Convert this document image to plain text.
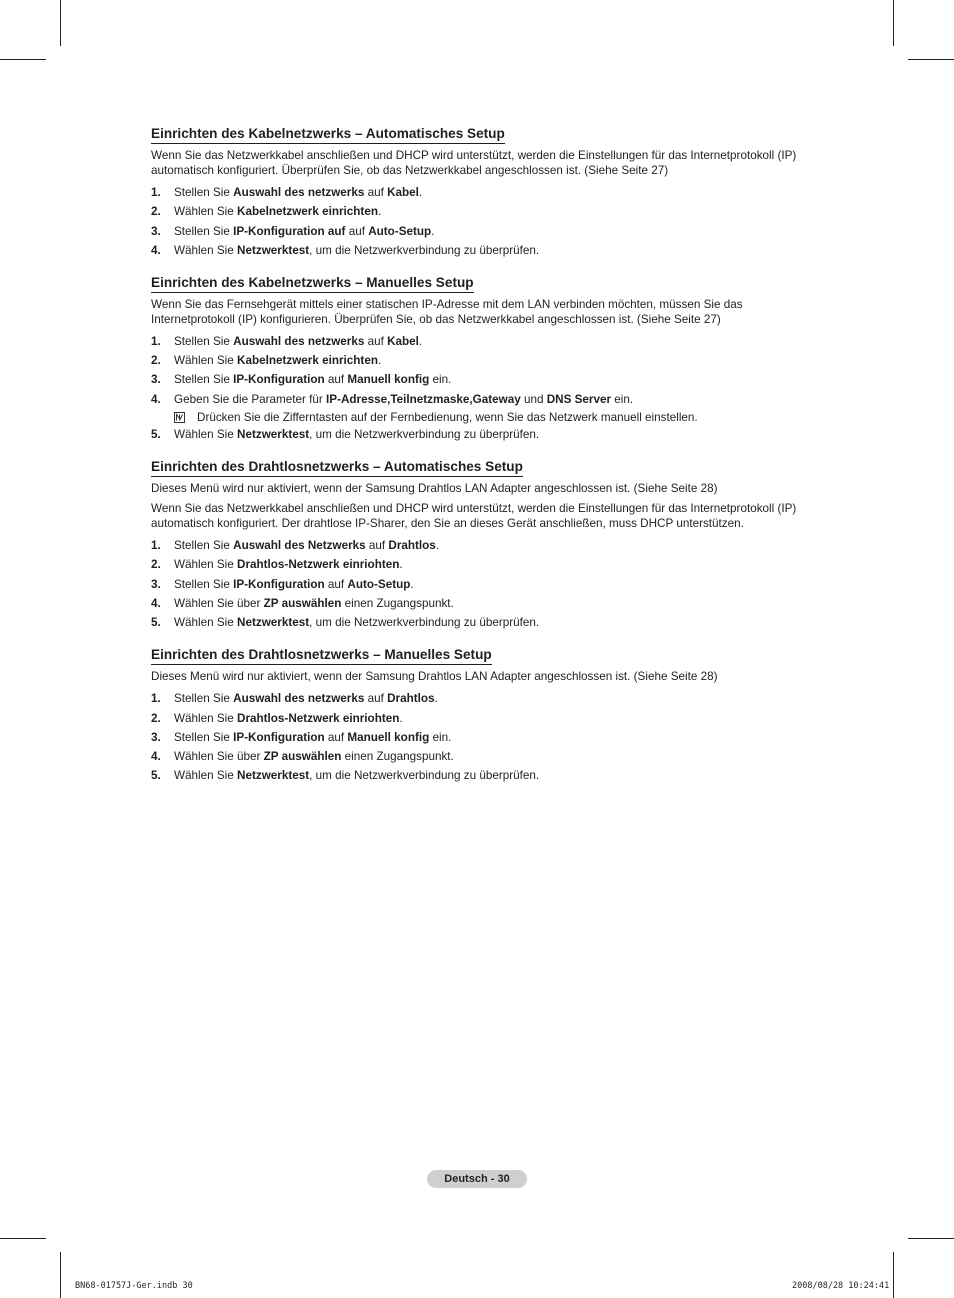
Einrichten des Kabelnetzwerks – Automatisches Setup

Wenn Sie das Netzwerkkabel anschließen und DHCP wird unterstützt, werden die Einstellungen für das Internetprotokoll (IP) automatisch konfiguriert. Überprüfen Sie, ob das Netzwerkkabel angeschlossen ist. (Siehe Seite 27)

1. Stellen Sie Auswahl des netzwerks auf Kabel.
2. Wählen Sie Kabelnetzwerk einrichten.
3. Stellen Sie IP-Konfiguration auf auf Auto-Setup.
4. Wählen Sie Netzwerktest, um die Netzwerkverbindung zu überprüfen.
Einrichten des Kabelnetzwerks – Manuelles Setup

Wenn Sie das Fernsehgerät mittels einer statischen IP-Adresse mit dem LAN verbinden möchten, müssen Sie das Internetprotokoll (IP) konfigurieren. Überprüfen Sie, ob das Netzwerkkabel angeschlossen ist. (Siehe Seite 27)

1. Stellen Sie Auswahl des netzwerks auf Kabel.
2. Wählen Sie Kabelnetzwerk einrichten.
3. Stellen Sie IP-Konfiguration auf Manuell konfig ein.
4. Geben Sie die Parameter für IP-Adresse,Teilnetzmaske,Gateway und DNS Server ein.
Drücken Sie die Zifferntasten auf der Fernbedienung, wenn Sie das Netzwerk manuell einstellen.
5. Wählen Sie Netzwerktest, um die Netzwerkverbindung zu überprüfen.
Einrichten des Drahtlosnetzwerks – Automatisches Setup

Dieses Menü wird nur aktiviert, wenn der Samsung Drahtlos LAN Adapter angeschlossen ist. (Siehe Seite 28)

Wenn Sie das Netzwerkkabel anschließen und DHCP wird unterstützt, werden die Einstellungen für das Internetprotokoll (IP) automatisch konfiguriert. Der drahtlose IP-Sharer, den Sie an dieses Gerät anschließen, muss DHCP unterstützen.

1. Stellen Sie Auswahl des Netzwerks auf Drahtlos.
2. Wählen Sie Drahtlos-Netzwerk einriohten.
3. Stellen Sie IP-Konfiguration auf Auto-Setup.
4. Wählen Sie über ZP auswählen einen Zugangspunkt.
5. Wählen Sie Netzwerktest, um die Netzwerkverbindung zu überprüfen.
Einrichten des Drahtlosnetzwerks – Manuelles Setup

Dieses Menü wird nur aktiviert, wenn der Samsung Drahtlos LAN Adapter angeschlossen ist. (Siehe Seite 28)

1. Stellen Sie Auswahl des netzwerks auf Drahtlos.
2. Wählen Sie Drahtlos-Netzwerk einriohten.
3. Stellen Sie IP-Konfiguration auf Manuell konfig ein.
4. Wählen Sie über ZP auswählen einen Zugangspunkt.
5. Wählen Sie Netzwerktest, um die Netzwerkverbindung zu überprüfen.
Deutsch - 30
BN68-01757J-Ger.indb 30	2008/08/28 10:24:41
